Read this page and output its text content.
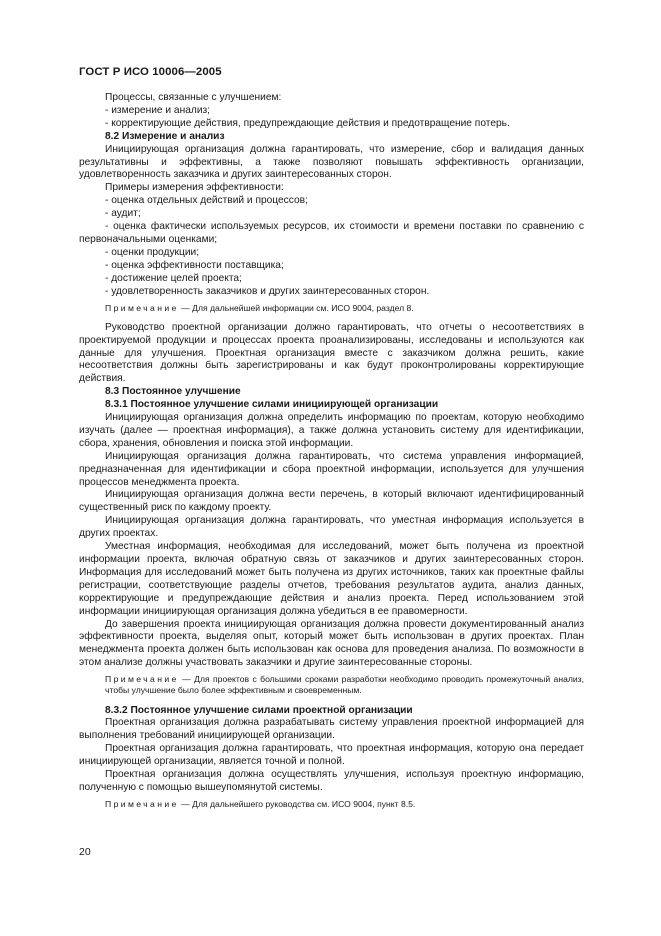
ГОСТ Р ИСО 10006—2005

Процессы, связанные с улучшением:

- измерение и анализ;

- корректирующие действия, предупреждающие действия и предотвращение потерь.

8.2 Измерение и анализ

Инициирующая организация должна гарантировать, что измерение, сбор и валидация данных результативны и эффективны, а также позволяют повышать эффективность организации, удовлетворенность заказчика и других заинтересованных сторон.

Примеры измерения эффективности:

- оценка отдельных действий и процессов;

- аудит;

- оценка фактически используемых ресурсов, их стоимости и времени поставки по сравнению с первоначальными оценками;

- оценки продукции;

- оценка эффективности поставщика;

- достижение целей проекта;

- удовлетворенность заказчиков и других заинтересованных сторон.

Примечание — Для дальнейшей информации см. ИСО 9004, раздел 8.

Руководство проектной организации должно гарантировать, что отчеты о несоответствиях в проектируемой продукции и процессах проекта проанализированы, исследованы и используются как данные для улучшения. Проектная организация вместе с заказчиком должна решить, какие несоответствия должны быть зарегистрированы и как будут проконтролированы корректирующие действия.

8.3 Постоянное улучшение

8.3.1 Постоянное улучшение силами инициирующей организации

Инициирующая организация должна определить информацию по проектам, которую необходимо изучать (далее — проектная информация), а также должна установить систему для идентификации, сбора, хранения, обновления и поиска этой информации.

Инициирующая организация должна гарантировать, что система управления информацией, предназначенная для идентификации и сбора проектной информации, используется для улучшения процессов менеджмента проекта.

Инициирующая организация должна вести перечень, в который включают идентифицированный существенный риск по каждому проекту.

Инициирующая организация должна гарантировать, что уместная информация используется в других проектах.

Уместная информация, необходимая для исследований, может быть получена из проектной информации проекта, включая обратную связь от заказчиков и других заинтересованных сторон. Информация для исследований может быть получена из других источников, таких как проектные файлы регистрации, соответствующие разделы отчетов, требования результатов аудита, анализ данных, корректирующие и предупреждающие действия и анализ проекта. Перед использованием этой информации инициирующая организация должна убедиться в ее правомерности.

До завершения проекта инициирующая организация должна провести документированный анализ эффективности проекта, выделяя опыт, который может быть использован в других проектах. План менеджмента проекта должен быть использован как основа для проведения анализа. По возможности в этом анализе должны участвовать заказчики и другие заинтересованные стороны.

Примечание — Для проектов с большими сроками разработки необходимо проводить промежуточный анализ, чтобы улучшение было более эффективным и своевременным.

8.3.2 Постоянное улучшение силами проектной организации

Проектная организация должна разрабатывать систему управления проектной информацией для выполнения требований инициирующей организации.

Проектная организация должна гарантировать, что проектная информация, которую она передает инициирующей организации, является точной и полной.

Проектная организация должна осуществлять улучшения, используя проектную информацию, полученную с помощью вышеупомянутой системы.

Примечание — Для дальнейшего руководства см. ИСО 9004, пункт 8.5.

20
